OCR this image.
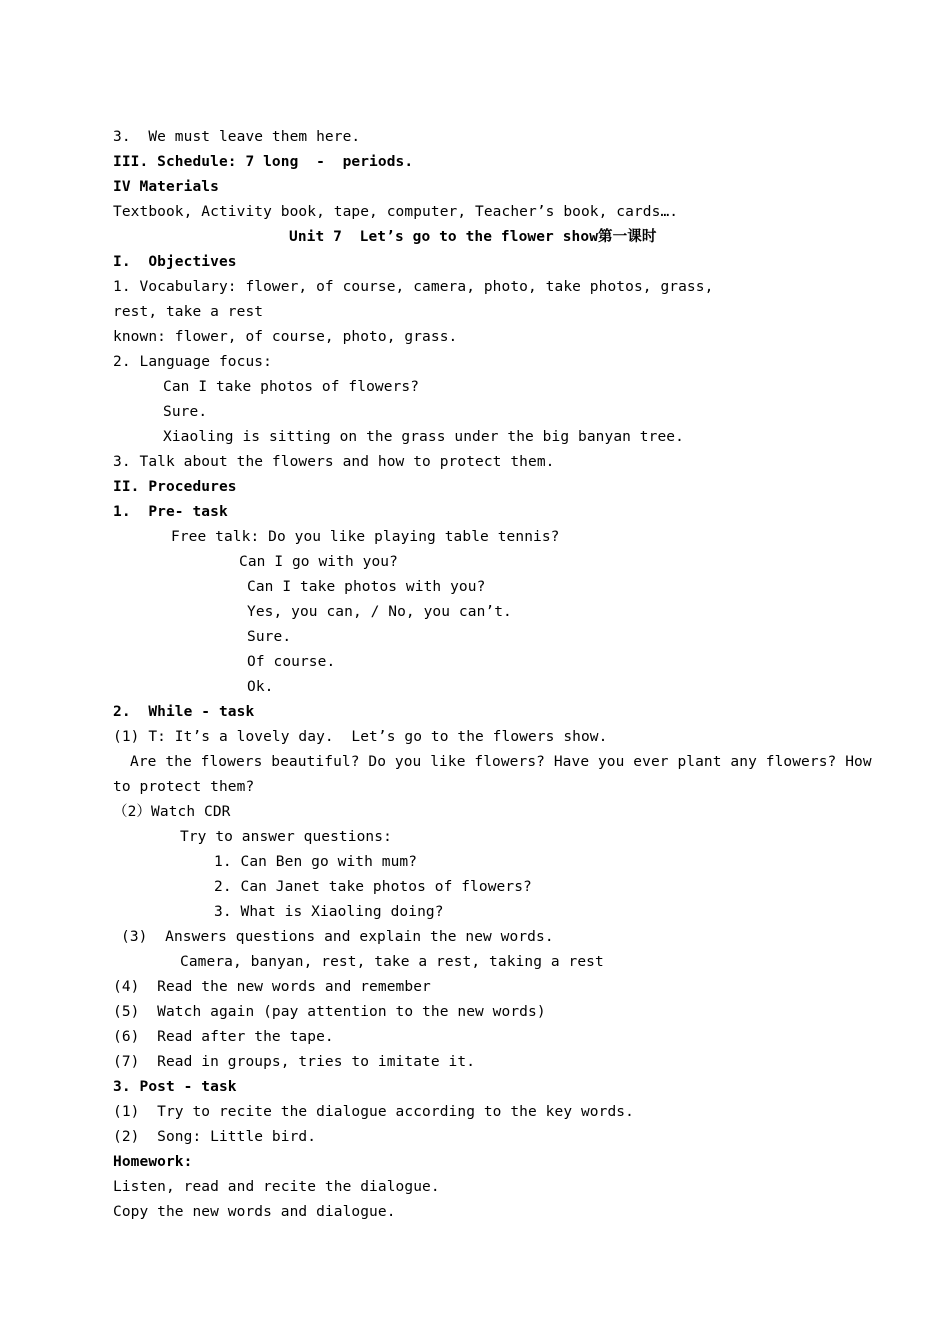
3.  We must leave them here.
III. Schedule: 7 long  -  periods.
IV Materials
Textbook, Activity book, tape, computer, Teacher’s book, cards….
Unit 7  Let’s go to the flower show第一课时
I.  Objectives
1. Vocabulary: flower, of course, camera, photo, take photos, grass,
rest, take a rest
known: flower, of course, photo, grass.
2. Language focus:
Can I take photos of flowers?
Sure.
Xiaoling is sitting on the grass under the big banyan tree.
3. Talk about the flowers and how to protect them.
II. Procedures
1.  Pre- task
Free talk: Do you like playing table tennis?
Can I go with you?
Can I take photos with you?
Yes, you can, / No, you can’t.
Sure.
Of course.
Ok.
2.  While - task
(1) T: It’s a lovely day.  Let’s go to the flowers show.
Are the flowers beautiful? Do you like flowers? Have you ever plant any flowers? How
to protect them?
（2）Watch CDR
Try to answer questions:
1. Can Ben go with mum?
2. Can Janet take photos of flowers?
3. What is Xiaoling doing?
(3)  Answers questions and explain the new words.
Camera, banyan, rest, take a rest, taking a rest
(4)  Read the new words and remember
(5)  Watch again (pay attention to the new words)
(6)  Read after the tape.
(7)  Read in groups, tries to imitate it.
3. Post - task
(1)  Try to recite the dialogue according to the key words.
(2)  Song: Little bird.
Homework:
Listen, read and recite the dialogue.
Copy the new words and dialogue.
